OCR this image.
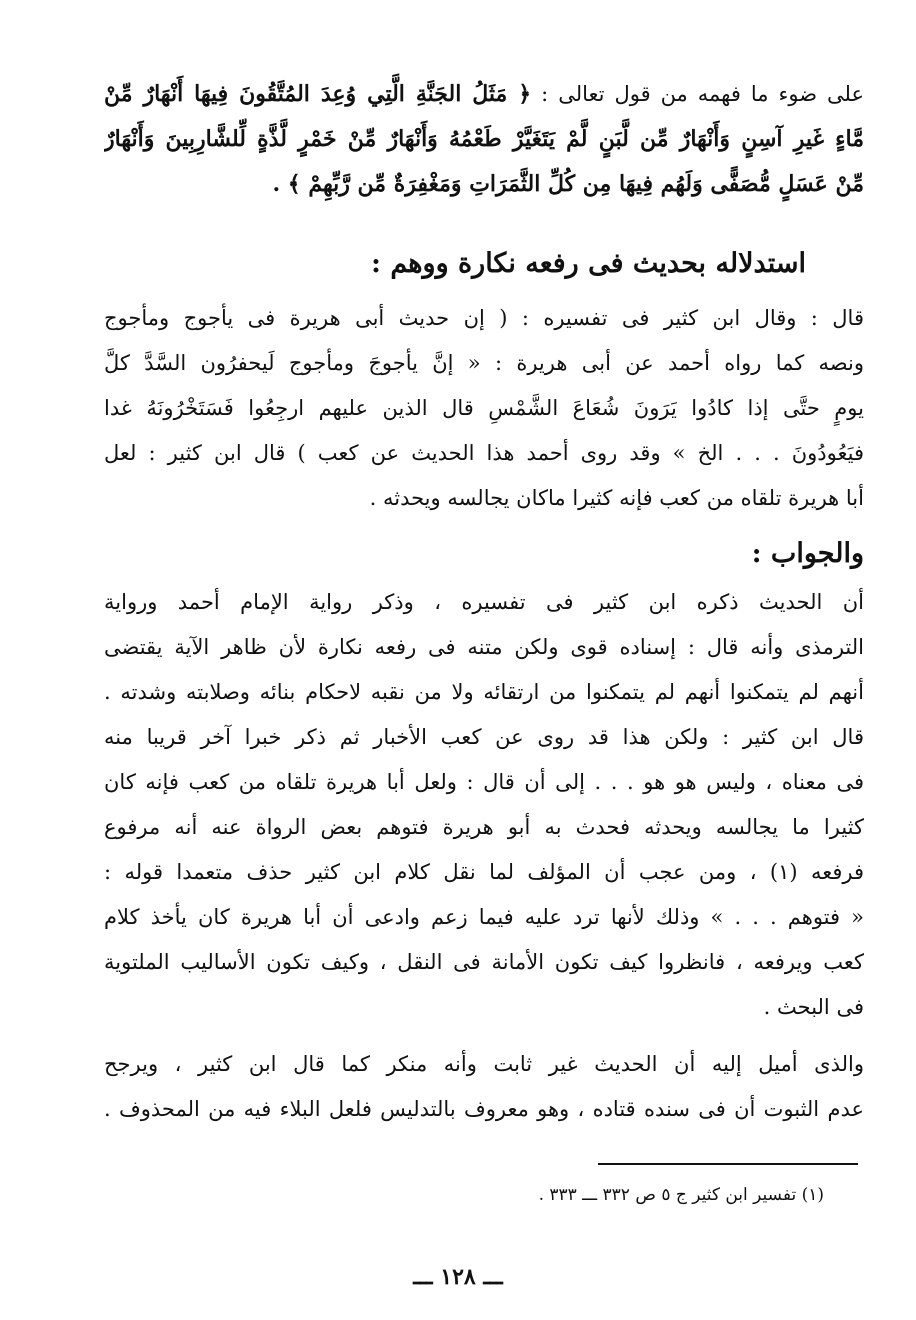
على ضوء ما فهمه من قول تعالى : ﴿ مَثَلُ الجَنَّةِ الَّتِي وُعِدَ المُتَّقُونَ فِيهَا أَنْهَارٌ مِّنْ
مَّاءٍ غَيرِ آسِنٍ وَأَنْهَارٌ مِّن لَّبَنٍ لَّمْ يَتَغَيَّرْ طَعْمُهُ وَأَنْهَارٌ مِّنْ خَمْرٍ لَّذَّةٍ لِّلشَّارِبِينَ وَأَنْهَارٌ
مِّنْ عَسَلٍ مُّصَفًّى وَلَهُم فِيهَا مِن كُلِّ الثَّمَرَاتِ وَمَغْفِرَةٌ مِّن رَّبِّهِمْ ﴾ .
استدلاله بحديث فى رفعه نكارة ووهم :
قال : وقال ابن كثير فى تفسيره : ( إن حديث أبى هريرة فى يأجوج ومأجوج
ونصه كما رواه أحمد عن أبى هريرة : « إنَّ يأجوجَ ومأجوج لَيحفرُون السَّدَّ كلَّ
يومٍ حتَّى إذا كادُوا يَرَونَ شُعَاعَ الشَّمْسِ قال الذين عليهم ارجِعُوا فَسَتَخْرُونَهُ غدا
فيَعُودُونَ . . . الخ » وقد روى أحمد هذا الحديث عن كعب ) قال ابن كثير : لعل
أبا هريرة تلقاه من كعب فإنه كثيرا ماكان يجالسه ويحدثه .
والجواب :
أن الحديث ذكره ابن كثير فى تفسيره ، وذكر رواية الإمام أحمد ورواية
الترمذى وأنه قال : إسناده قوى ولكن متنه فى رفعه نكارة لأن ظاهر الآية يقتضى
أنهم لم يتمكنوا أنهم لم يتمكنوا من ارتقائه ولا من نقبه لاحكام بنائه وصلابته وشدته .
قال ابن كثير : ولكن هذا قد روى عن كعب الأخبار ثم ذكر خبرا آخر قريبا منه
فى معناه ، وليس هو هو . . . إلى أن قال : ولعل أبا هريرة تلقاه من كعب فإنه كان
كثيرا ما يجالسه ويحدثه فحدث به أبو هريرة فتوهم بعض الرواة عنه أنه مرفوع
فرفعه (١) ، ومن عجب أن المؤلف لما نقل كلام ابن كثير حذف متعمدا قوله :
« فتوهم . . . » وذلك لأنها ترد عليه فيما زعم وادعى أن أبا هريرة كان يأخذ كلام
كعب ويرفعه ، فانظروا كيف تكون الأمانة فى النقل ، وكيف تكون الأساليب الملتوية
فى البحث .
والذى أميل إليه أن الحديث غير ثابت وأنه منكر كما قال ابن كثير ، ويرجح
عدم الثبوت أن فى سنده قتاده ، وهو معروف بالتدليس فلعل البلاء فيه من المحذوف .
(١) تفسير ابن كثير ج ٥ ص ٣٣٢ ـــ ٣٣٣ .
ـــ ١٢٨ ـــ
